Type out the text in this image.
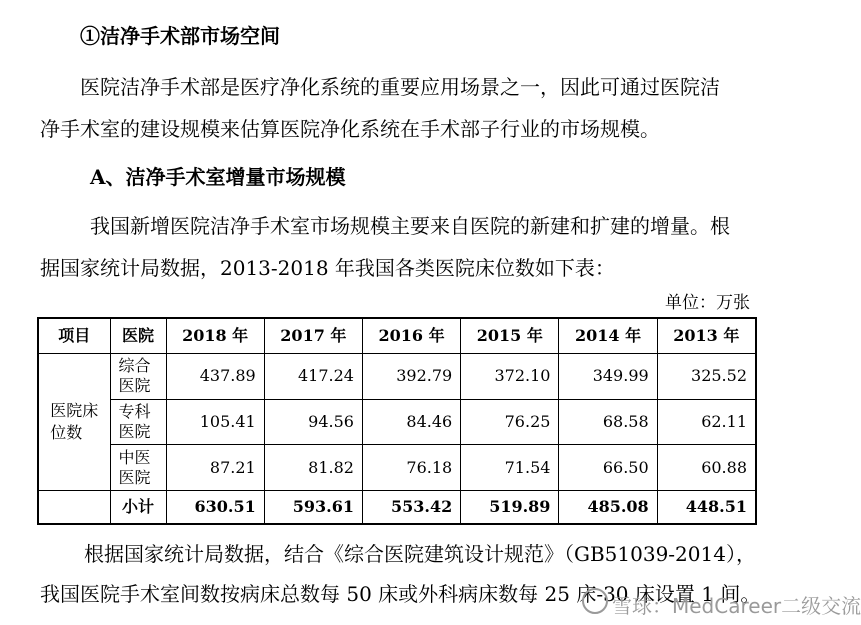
①洁净手术部市场空间
医院洁净手术部是医疗净化系统的重要应用场景之一，因此可通过医院洁
净手术室的建设规模来估算医院净化系统在手术部子行业的市场规模。
A、洁净手术室增量市场规模
我国新增医院洁净手术室市场规模主要来自医院的新建和扩建的增量。根
据国家统计局数据，2013-2018 年我国各类医院床位数如下表：
单位：万张
项目	医院	2018 年	2017 年	2016 年	2015 年	2014 年	2013 年

医院床位数	综合医院	437.89	417.24	392.79	372.10	349.99	325.52

	专科医院	105.41	94.56	84.46	76.25	68.58	62.11

	中医医院	87.21	81.82	76.18	71.54	66.50	60.88
	小计	630.51	593.61	553.42	519.89	485.08	448.51
根据国家统计局数据，结合《综合医院建筑设计规范》（GB51039-2014），
我国医院手术室间数按病床总数每 50 床或外科病床数每 25 床-30 床设置 1 间。
雪球：MedCareer二级交流
